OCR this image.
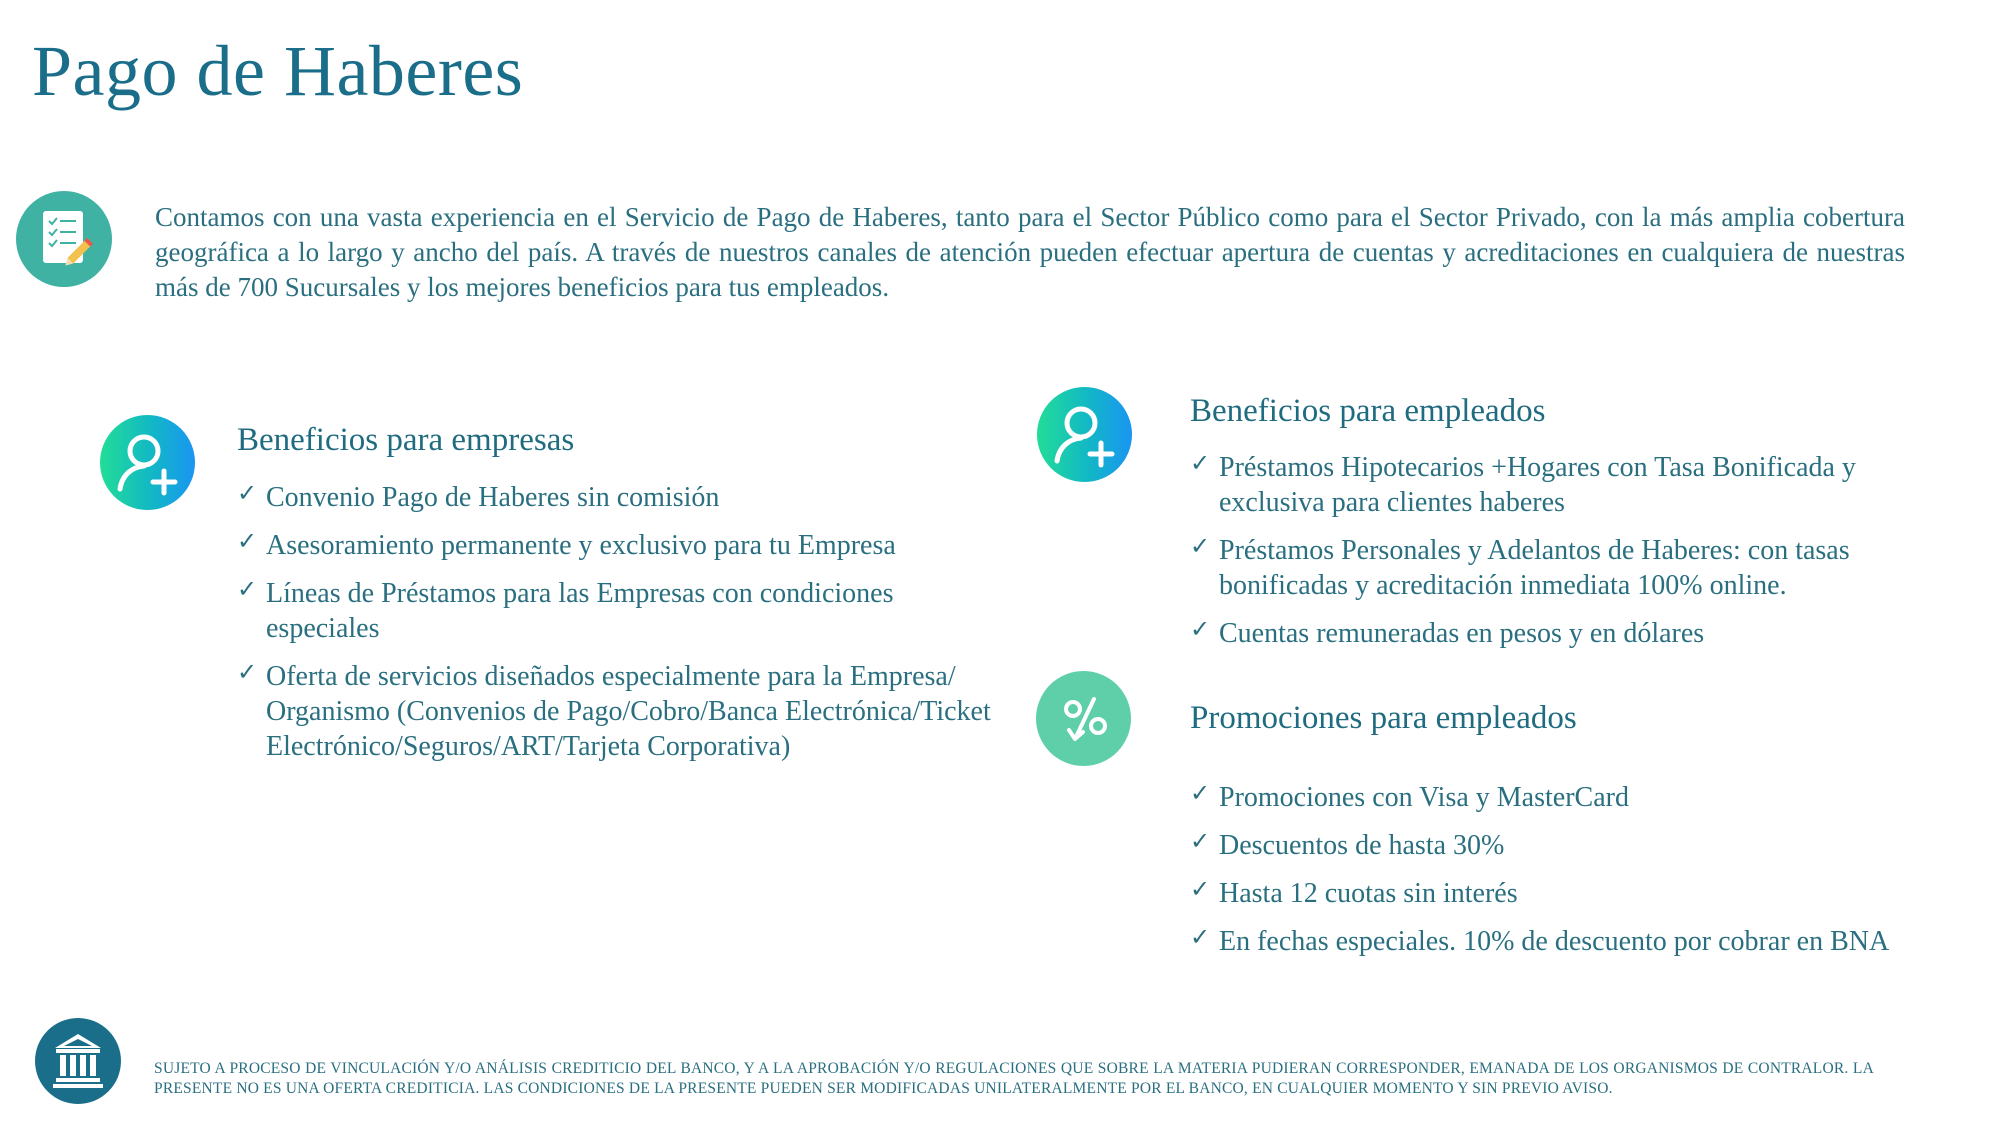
Pago de Haberes

Contamos con una vasta experiencia en el Servicio de Pago de Haberes, tanto para el Sector Público como para el Sector Privado, con la más amplia cobertura geográfica a lo largo y ancho del país. A través de nuestros canales de atención pueden efectuar apertura de cuentas y acreditaciones en cualquiera de nuestras más de 700 Sucursales y los mejores beneficios para tus empleados.

Beneficios para empresas
✓ Convenio Pago de Haberes sin comisión
✓ Asesoramiento permanente y exclusivo para tu Empresa
✓ Líneas de Préstamos para las Empresas con condiciones especiales
✓ Oferta de servicios diseñados especialmente para la Empresa/ Organismo (Convenios de Pago/Cobro/Banca Electrónica/Ticket Electrónico/Seguros/ART/Tarjeta Corporativa)
Beneficios para empleados
✓ Préstamos Hipotecarios +Hogares con Tasa Bonificada y exclusiva para clientes haberes
✓ Préstamos Personales y Adelantos de Haberes: con tasas bonificadas y acreditación inmediata 100% online.
✓ Cuentas remuneradas en pesos y en dólares
Promociones para empleados
✓ Promociones con Visa y MasterCard
✓ Descuentos de hasta 30%
✓ Hasta 12 cuotas sin interés
✓ En fechas especiales. 10% de descuento por cobrar en BNA

SUJETO A PROCESO DE VINCULACIÓN Y/O ANÁLISIS CREDITICIO DEL BANCO, Y A LA APROBACIÓN Y/O REGULACIONES QUE SOBRE LA MATERIA PUDIERAN CORRESPONDER, EMANADA DE LOS ORGANISMOS DE CONTRALOR. LA PRESENTE NO ES UNA OFERTA CREDITICIA. LAS CONDICIONES DE LA PRESENTE PUEDEN SER MODIFICADAS UNILATERALMENTE POR EL BANCO, EN CUALQUIER MOMENTO Y SIN PREVIO AVISO.
